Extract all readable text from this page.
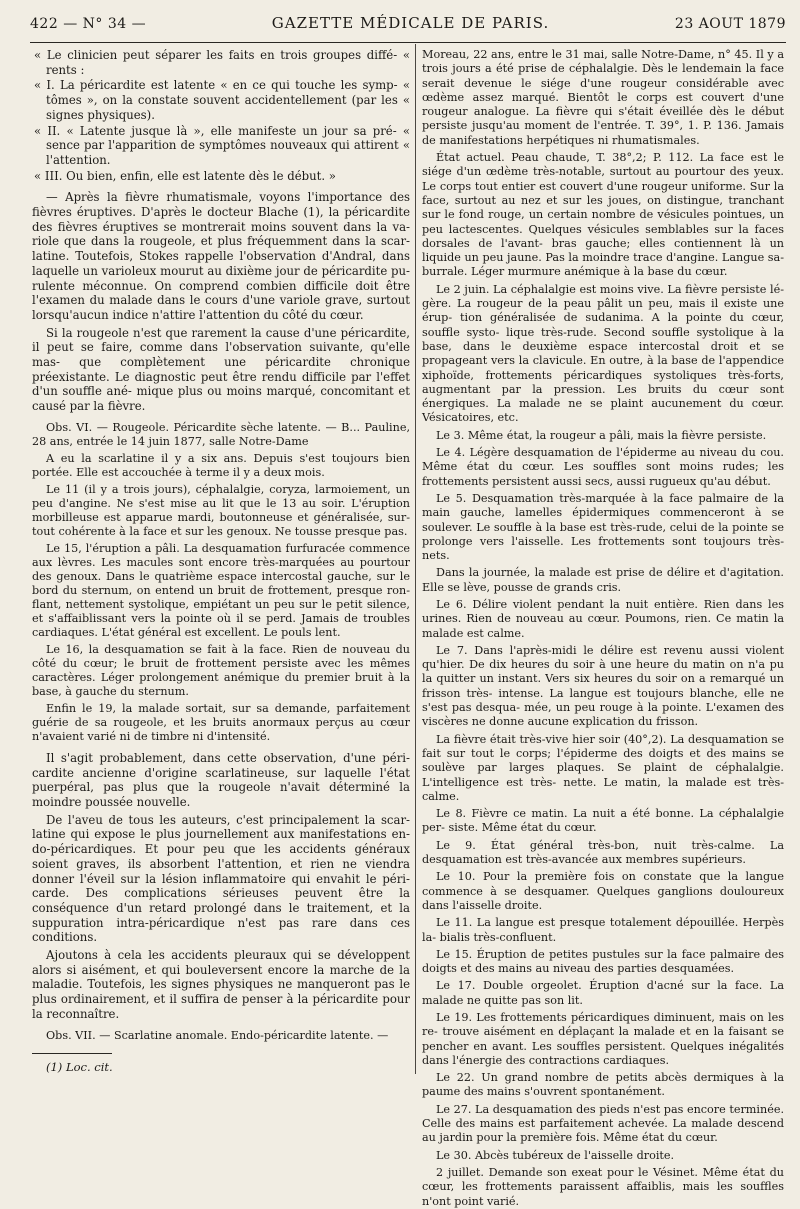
422 — N° 34 —	GAZETTE MÉDICALE DE PARIS.	23 AOUT 1879

« Le clinicien peut séparer les faits en trois groupes diffé- « rents :

« I. La péricardite est latente « en ce qui touche les symp- « tômes », on la constate souvent accidentellement (par les « signes physiques).

« II. « Latente jusque là », elle manifeste un jour sa pré- « sence par l'apparition de symptômes nouveaux qui attirent « l'attention.

« III. Ou bien, enfin, elle est latente dès le début. »

— Après la fièvre rhumatismale, voyons l'importance des fièvres éruptives. D'après le docteur Blache (1), la péricardite des fièvres éruptives se montrerait moins souvent dans la va- riole que dans la rougeole, et plus fréquemment dans la scar- latine. Toutefois, Stokes rappelle l'observation d'Andral, dans laquelle un varioleux mourut au dixième jour de péricardite pu- rulente méconnue. On comprend combien difficile doit être l'examen du malade dans le cours d'une variole grave, surtout lorsqu'aucun indice n'attire l'attention du côté du cœur.

Si la rougeole n'est que rarement la cause d'une péricardite, il peut se faire, comme dans l'observation suivante, qu'elle mas- que complètement une péricardite chronique préexistante. Le diagnostic peut être rendu difficile par l'effet d'un souffle ané- mique plus ou moins marqué, concomitant et causé par la fièvre.

Obs. VI. — Rougeole. Péricardite sèche latente. — B... Pauline, 28 ans, entrée le 14 juin 1877, salle Notre-Dame

A eu la scarlatine il y a six ans. Depuis s'est toujours bien portée. Elle est accouchée à terme il y a deux mois.

Le 11 (il y a trois jours), céphalalgie, coryza, larmoiement, un peu d'angine. Ne s'est mise au lit que le 13 au soir. L'éruption morbilleuse est apparue mardi, boutonneuse et généralisée, sur- tout cohérente à la face et sur les genoux. Ne tousse presque pas.

Le 15, l'éruption a pâli. La desquamation furfuracée commence aux lèvres. Les macules sont encore très-marquées au pourtour des genoux. Dans le quatrième espace intercostal gauche, sur le bord du sternum, on entend un bruit de frottement, presque ron- flant, nettement systolique, empiétant un peu sur le petit silence, et s'affaiblissant vers la pointe où il se perd. Jamais de troubles cardiaques. L'état général est excellent. Le pouls lent.

Le 16, la desquamation se fait à la face. Rien de nouveau du côté du cœur; le bruit de frottement persiste avec les mêmes caractères. Léger prolongement anémique du premier bruit à la base, à gauche du sternum.

Enfin le 19, la malade sortait, sur sa demande, parfaitement guérie de sa rougeole, et les bruits anormaux perçus au cœur n'avaient varié ni de timbre ni d'intensité.

Il s'agit probablement, dans cette observation, d'une péri- cardite ancienne d'origine scarlatineuse, sur laquelle l'état puerpéral, pas plus que la rougeole n'avait déterminé la moindre poussée nouvelle.

De l'aveu de tous les auteurs, c'est principalement la scar- latine qui expose le plus journellement aux manifestations en- do-péricardiques. Et pour peu que les accidents généraux soient graves, ils absorbent l'attention, et rien ne viendra donner l'éveil sur la lésion inflammatoire qui envahit le péri- carde. Des complications sérieuses peuvent être la conséquence d'un retard prolongé dans le traitement, et la suppuration intra-péricardique n'est pas rare dans ces conditions.

Ajoutons à cela les accidents pleuraux qui se développent alors si aisément, et qui bouleversent encore la marche de la maladie. Toutefois, les signes physiques ne manqueront pas le plus ordinairement, et il suffira de penser à la péricardite pour la reconnaître.

Obs. VII. — Scarlatine anomale. Endo-péricardite latente. —

(1) Loc. cit.

Moreau, 22 ans, entre le 31 mai, salle Notre-Dame, n° 45. Il y a trois jours a été prise de céphalalgie. Dès le lendemain la face serait devenue le siége d'une rougeur considérable avec œdème assez marqué. Bientôt le corps est couvert d'une rougeur analogue. La fièvre qui s'était éveillée dès le début persiste jusqu'au moment de l'entrée. T. 39°, 1. P. 136. Jamais de manifestations herpétiques ni rhumatismales.

État actuel. Peau chaude, T. 38°,2; P. 112. La face est le siége d'un œdème très-notable, surtout au pourtour des yeux. Le corps tout entier est couvert d'une rougeur uniforme. Sur la face, surtout au nez et sur les joues, on distingue, tranchant sur le fond rouge, un certain nombre de vésicules pointues, un peu lactescentes. Quelques vésicules semblables sur la faces dorsales de l'avant- bras gauche; elles contiennent là un liquide un peu jaune. Pas la moindre trace d'angine. Langue sa-burrale. Léger murmure anémique à la base du cœur.

Le 2 juin. La céphalalgie est moins vive. La fièvre persiste lé- gère. La rougeur de la peau pâlit un peu, mais il existe une érup- tion généralisée de sudanima. A la pointe du cœur, souffle systo- lique très-rude. Second souffle systolique à la base, dans le deuxième espace intercostal droit et se propageant vers la clavicule. En outre, à la base de l'appendice xiphoïde, frottements péricardiques systoliques très-forts, augmentant par la pression. Les bruits du cœur sont énergiques. La malade ne se plaint aucunement du cœur. Vésicatoires, etc.

Le 3. Même état, la rougeur a pâli, mais la fièvre persiste.

Le 4. Légère desquamation de l'épiderme au niveau du cou. Même état du cœur. Les souffles sont moins rudes; les frottements persistent aussi secs, aussi rugueux qu'au début.

Le 5. Desquamation très-marquée à la face palmaire de la main gauche, lamelles épidermiques commenceront à se soulever. Le souffle à la base est très-rude, celui de la pointe se prolonge vers l'aisselle. Les frottements sont toujours très-nets.

Dans la journée, la malade est prise de délire et d'agitation. Elle se lève, pousse de grands cris.

Le 6. Délire violent pendant la nuit entière. Rien dans les urines. Rien de nouveau au cœur. Poumons, rien. Ce matin la malade est calme.

Le 7. Dans l'après-midi le délire est revenu aussi violent qu'hier. De dix heures du soir à une heure du matin on n'a pu la quitter un instant. Vers six heures du soir on a remarqué un frisson très- intense. La langue est toujours blanche, elle ne s'est pas desqua- mée, un peu rouge à la pointe. L'examen des viscères ne donne aucune explication du frisson.

La fièvre était très-vive hier soir (40°,2). La desquamation se fait sur tout le corps; l'épiderme des doigts et des mains se soulève par larges plaques. Se plaint de céphalalgie. L'intelligence est très- nette. Le matin, la malade est très-calme.

Le 8. Fièvre ce matin. La nuit a été bonne. La céphalalgie per- siste. Même état du cœur.

Le 9. État général très-bon, nuit très-calme. La desquamation est très-avancée aux membres supérieurs.

Le 10. Pour la première fois on constate que la langue commence à se desquamer. Quelques ganglions douloureux dans l'aisselle droite.

Le 11. La langue est presque totalement dépouillée. Herpès la- bialis très-confluent.

Le 15. Éruption de petites pustules sur la face palmaire des doigts et des mains au niveau des parties desquamées.

Le 17. Double orgeolet. Éruption d'acné sur la face. La malade ne quitte pas son lit.

Le 19. Les frottements péricardiques diminuent, mais on les re- trouve aisément en déplaçant la malade et en la faisant se pencher en avant. Les souffles persistent. Quelques inégalités dans l'énergie des contractions cardiaques.

Le 22. Un grand nombre de petits abcès dermiques à la paume des mains s'ouvrent spontanément.

Le 27. La desquamation des pieds n'est pas encore terminée. Celle des mains est parfaitement achevée. La malade descend au jardin pour la première fois. Même état du cœur.

Le 30. Abcès tubéreux de l'aisselle droite.

2 juillet. Demande son exeat pour le Vésinet. Même état du cœur, les frottements paraissent affaiblis, mais les souffles n'ont point varié.
